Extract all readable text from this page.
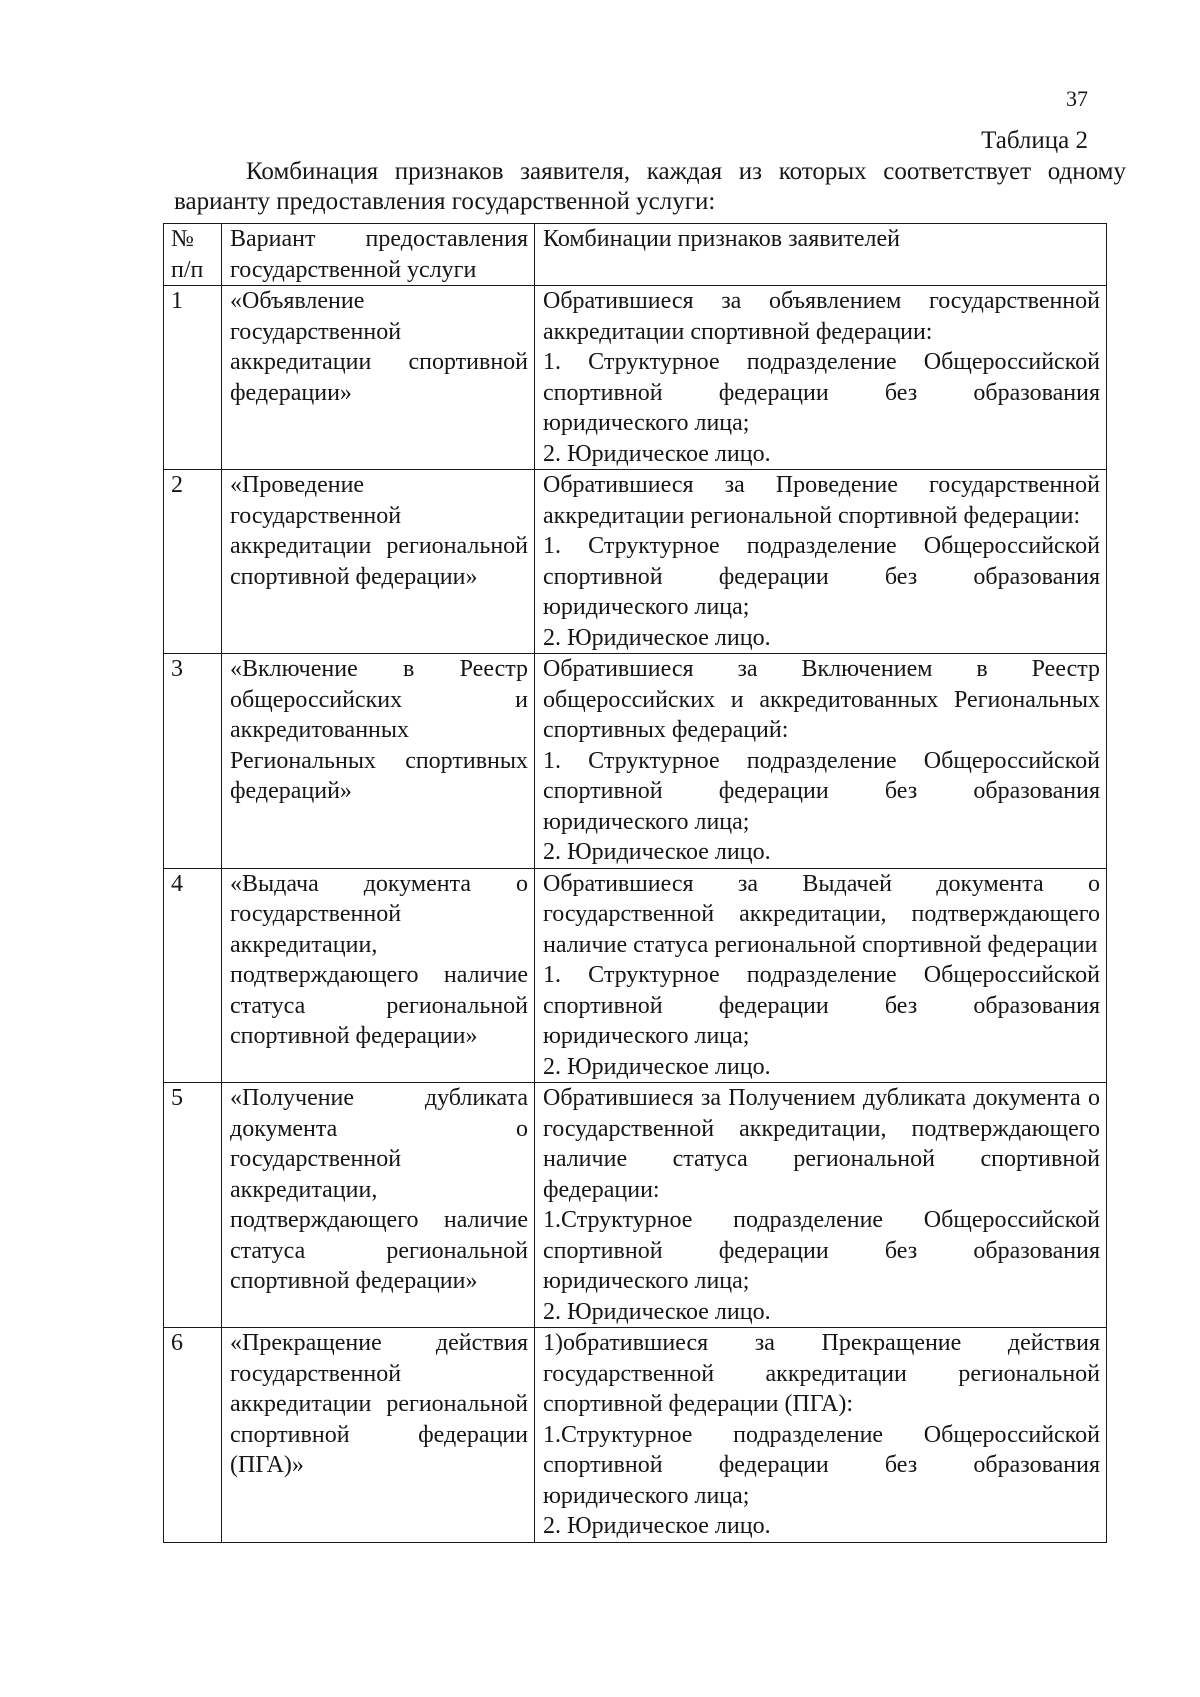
37
Таблица 2
Комбинация признаков заявителя, каждая из которых соответствует одному варианту предоставления государственной услуги:
№ п/п	Вариант предоставления государственной услуги	Комбинации признаков заявителей

1	«Объявление государственной аккредитации спортивной федерации»	Обратившиеся за объявлением государственной аккредитации спортивной федерации:
1. Структурное подразделение Общероссийской спортивной федерации без образования юридического лица;
2. Юридическое лицо.

2	«Проведение государственной аккредитации региональной спортивной федерации»	Обратившиеся за Проведение государственной аккредитации региональной спортивной федерации:
1. Структурное подразделение Общероссийской спортивной федерации без образования юридического лица;
2. Юридическое лицо.

3	«Включение в Реестр общероссийских и аккредитованных Региональных спортивных федераций»	Обратившиеся за Включением в Реестр общероссийских и аккредитованных Региональных спортивных федераций:
1. Структурное подразделение Общероссийской спортивной федерации без образования юридического лица;
2. Юридическое лицо.

4	«Выдача документа о государственной аккредитации, подтверждающего наличие статуса региональной спортивной федерации»	Обратившиеся за Выдачей документа о государственной аккредитации, подтверждающего наличие статуса региональной спортивной федерации
1. Структурное подразделение Общероссийской спортивной федерации без образования юридического лица;
2. Юридическое лицо.

5	«Получение дубликата документа о государственной аккредитации, подтверждающего наличие статуса региональной спортивной федерации»	Обратившиеся за Получением дубликата документа о государственной аккредитации, подтверждающего наличие статуса региональной спортивной федерации:
1.Структурное подразделение Общероссийской спортивной федерации без образования юридического лица;
2. Юридическое лицо.

6	«Прекращение действия государственной аккредитации региональной спортивной федерации (ПГА)»	1)обратившиеся за Прекращение действия государственной аккредитации региональной спортивной федерации (ПГА):
1.Структурное подразделение Общероссийской спортивной федерации без образования юридического лица;
2. Юридическое лицо.
